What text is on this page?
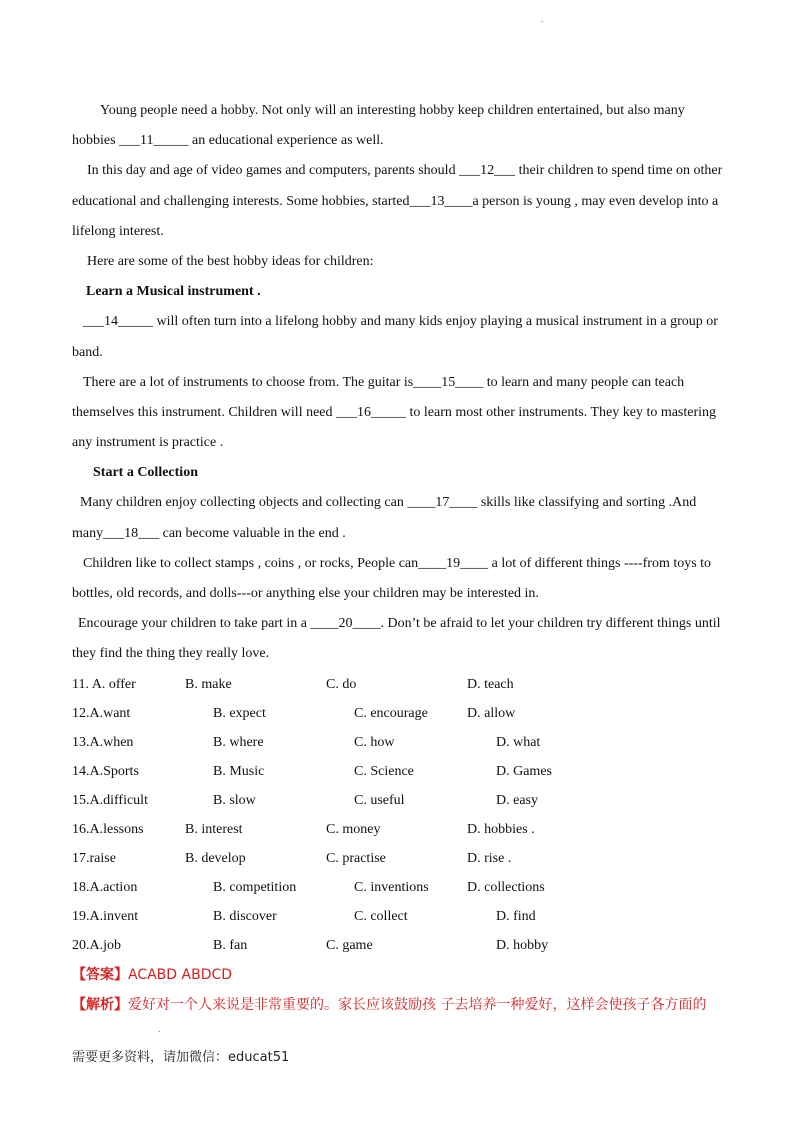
.
Young people need a hobby. Not only will an interesting hobby keep children entertained, but also many
hobbies ___11_____ an educational experience as well.
In this day and age of video games and computers, parents should ___12___ their children to spend time on other
educational and challenging interests. Some hobbies, started___13____a person is young , may even develop into a
lifelong interest.
Here are some of the best hobby ideas for children:
Learn a Musical instrument .
___14_____ will often turn into a lifelong hobby and many kids enjoy playing a musical instrument in a group or
band.
There are a lot of instruments to choose from. The guitar is____15____ to learn and many people can teach
themselves this instrument. Children will need ___16_____ to learn most other instruments. They key to mastering
any instrument is practice .
Start a Collection
Many children enjoy collecting objects and collecting can ____17____ skills like classifying and sorting .And
many___18___ can become valuable in the end .
Children like to collect stamps , coins , or rocks, People can____19____ a lot of different things ----from toys to
bottles, old records, and dolls---or anything else your children may be interested in.
Encourage your children to take part in a ____20____. Don’t be afraid to let your children try different things until
they find the thing they really love.
11. A. offer	B. make	C. do	D. teach
12.A.want	B. expect	C. encourage	D. allow
13.A.when	B. where	C. how	D. what
14.A.Sports	B. Music	C. Science	D. Games
15.A.difficult	B. slow	C. useful	D. easy
16.A.lessons	B. interest	C. money	D. hobbies .
17.raise	B. develop	C. practise	D. rise .
18.A.action	B. competition	C. inventions	D. collections
19.A.invent	B. discover	C. collect	D. find
20.A.job	B. fan	C. game	D. hobby
【答案】ACABD ABDCD
【解析】爱好对一个人来说是非常重要的。家长应该鼓励孩 子去培养一种爱好，这样会使孩子各方面的
.
需要更多资料，请加微信：educat51
